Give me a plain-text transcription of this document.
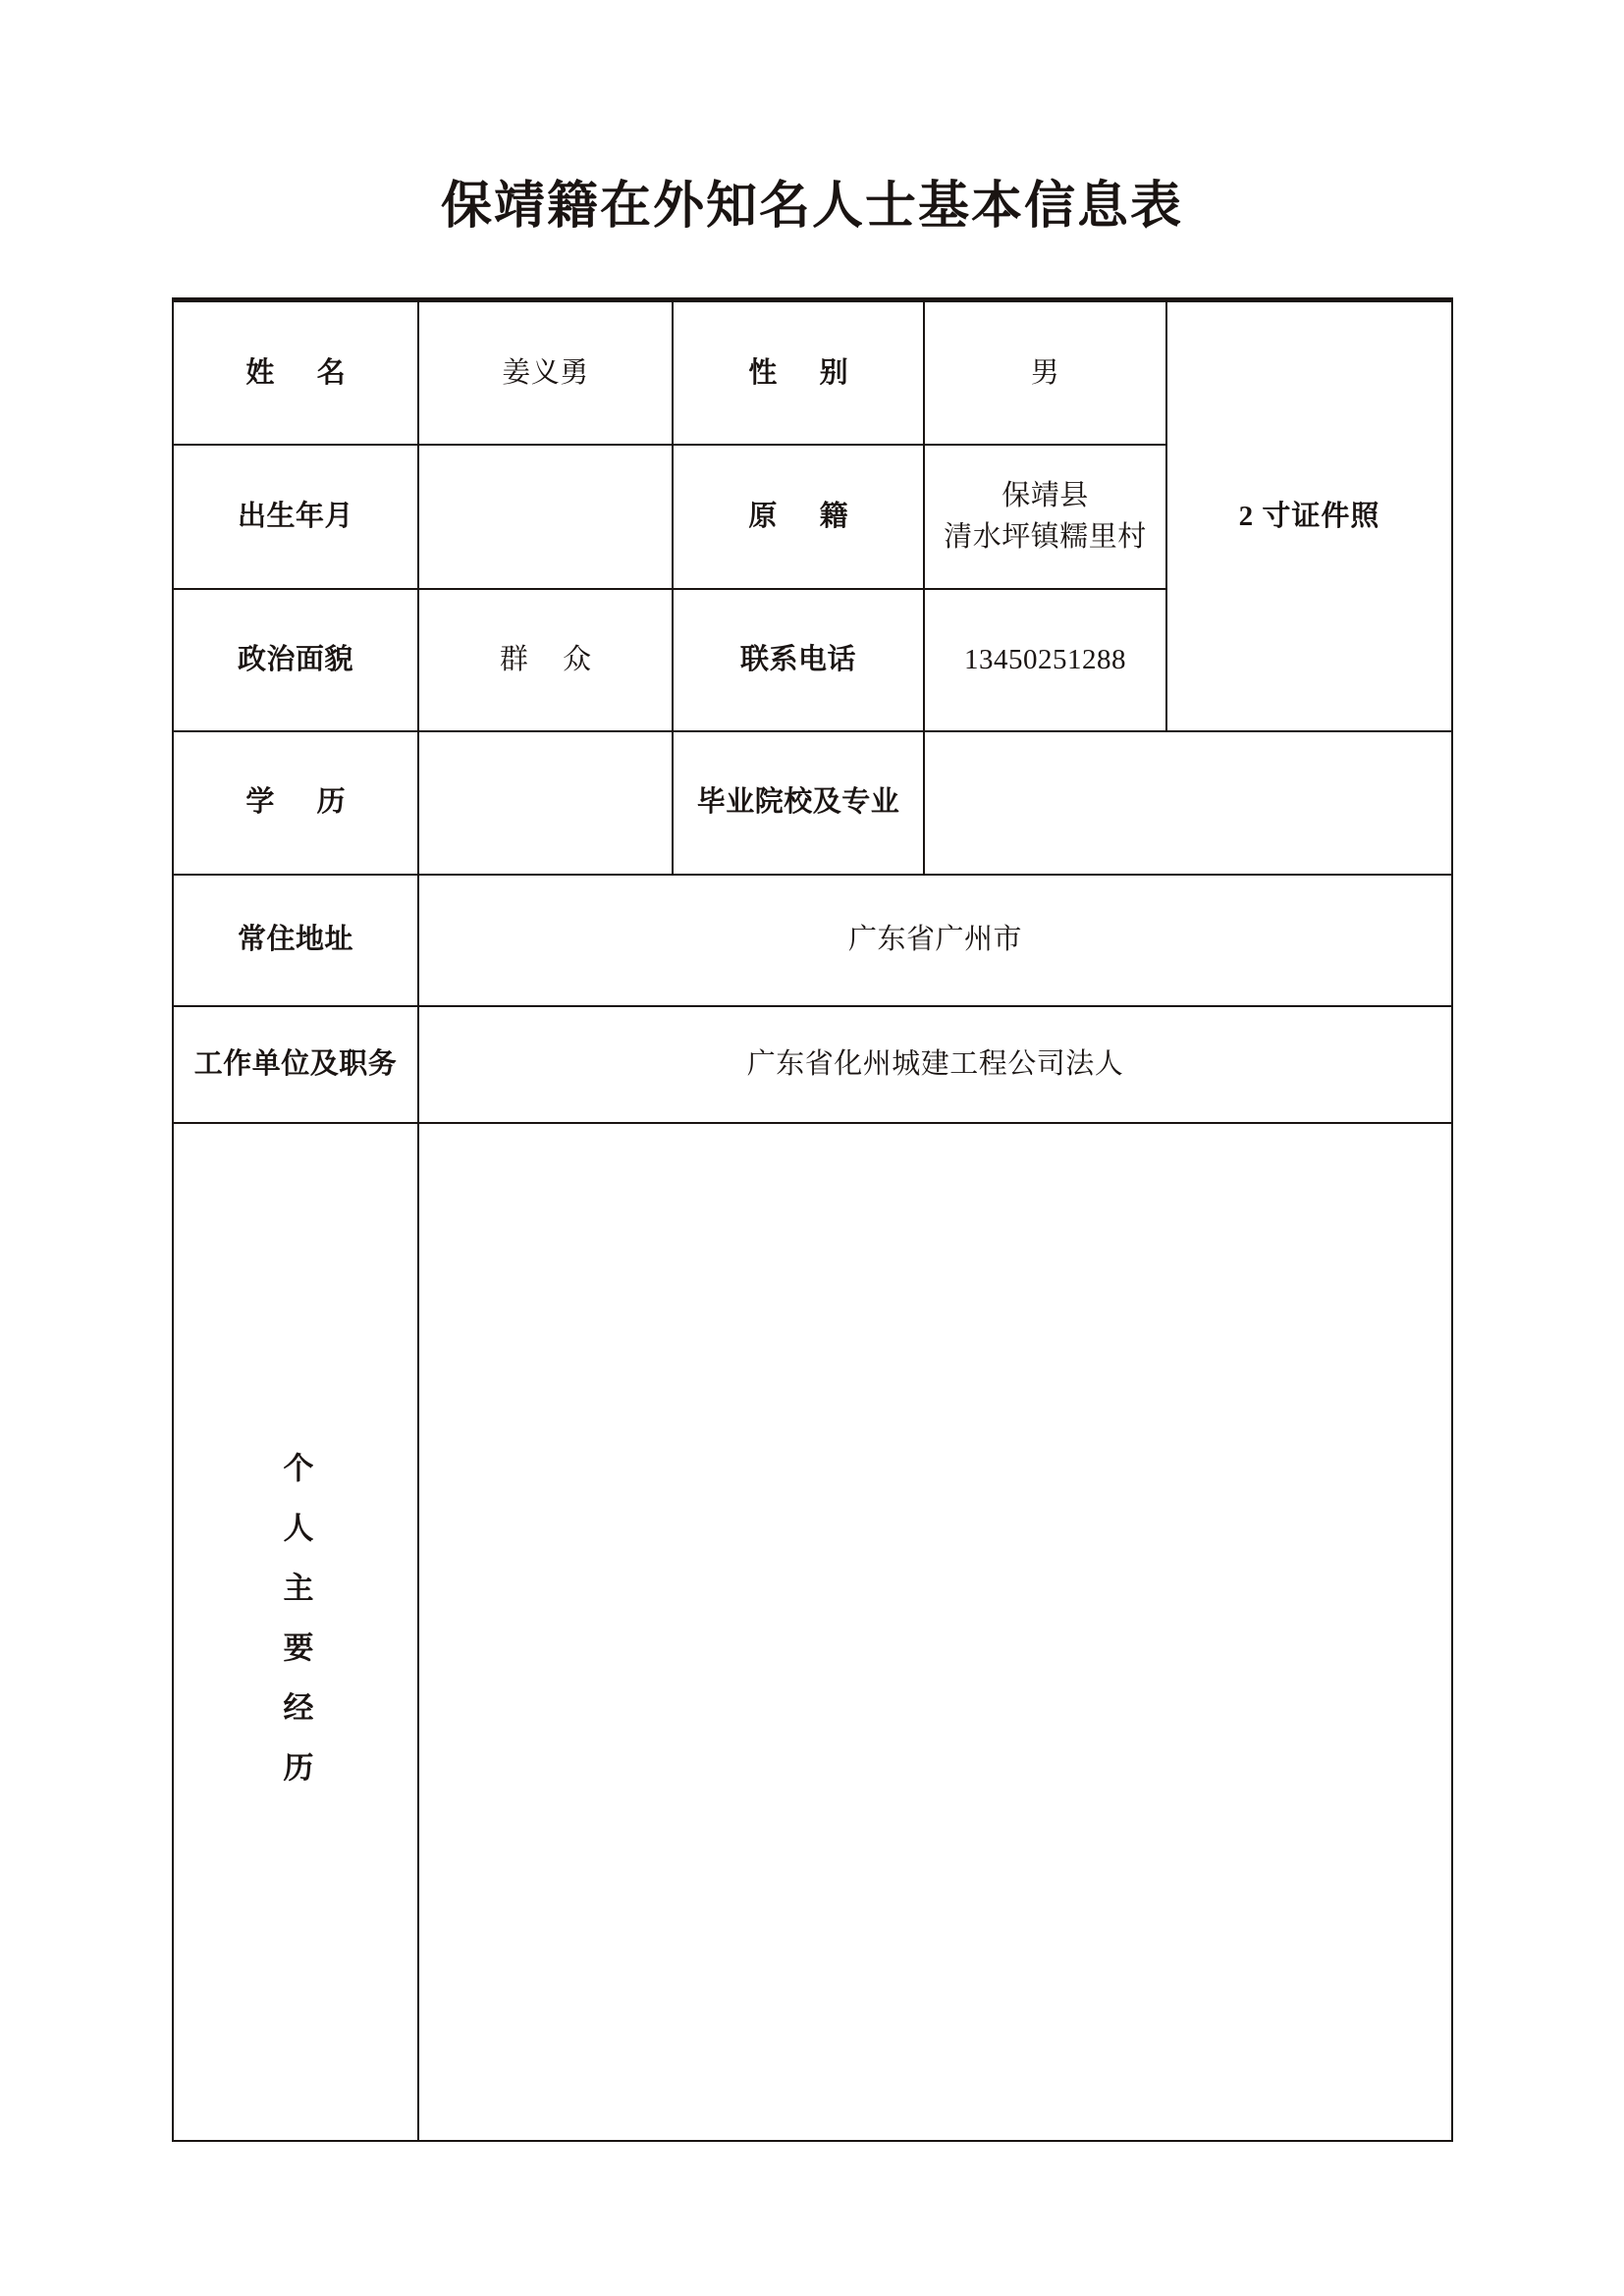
保靖籍在外知名人士基本信息表
姓 名	姜义勇	性 别	男	2 寸证件照
出生年月		原 籍	保靖县
清水坪镇糯里村	

政治面貌	群 众	联系电话	13450251288	
学 历		毕业院校及专业		
常住地址	广东省广州市			
工作单位及职务	广东省化州城建工程公司法人			

个人主要经历				
